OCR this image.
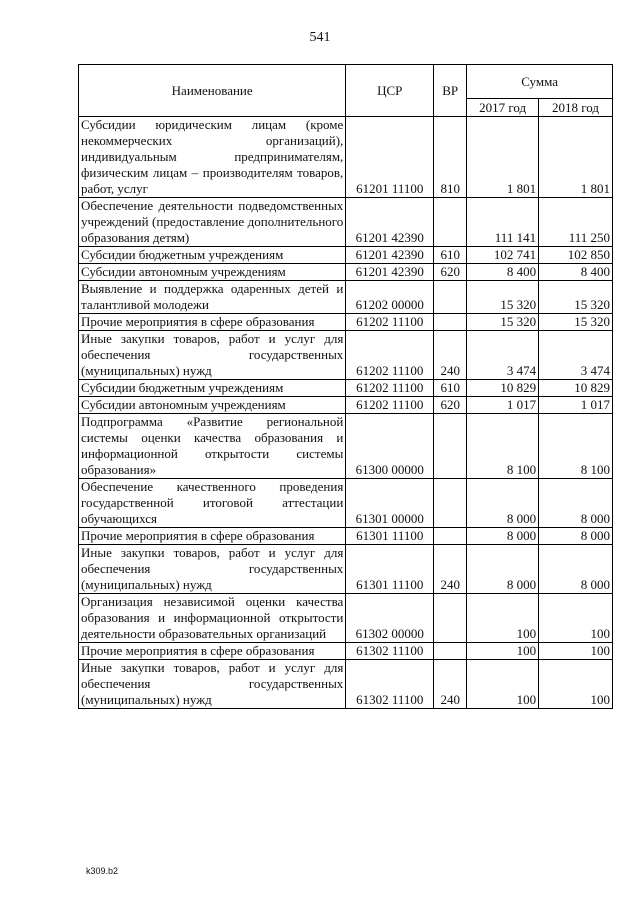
541
Наименование	ЦСР	ВР	Сумма	
			2017 год	2018 год
Субсидии юридическим лицам (кроме некоммерческих организаций), индивидуальным предпринимателям, физическим лицам – производителям товаров, работ, услуг	61201 11100	810	1 801	1 801
Обеспечение деятельности подведомственных учреждений (предоставление дополнительного образования детям)	61201 42390		111 141	111 250
Субсидии бюджетным учреждениям	61201 42390	610	102 741	102 850
Субсидии автономным учреждениям	61201 42390	620	8 400	8 400
Выявление и поддержка одаренных детей и талантливой молодежи	61202 00000		15 320	15 320
Прочие мероприятия в сфере образования	61202 11100		15 320	15 320
Иные закупки товаров, работ и услуг для обеспечения государственных (муниципальных) нужд	61202 11100	240	3 474	3 474
Субсидии бюджетным учреждениям	61202 11100	610	10 829	10 829
Субсидии автономным учреждениям	61202 11100	620	1 017	1 017
Подпрограмма «Развитие региональной системы оценки качества образования и информационной открытости системы образования»	61300 00000		8 100	8 100
Обеспечение качественного проведения государственной итоговой аттестации обучающихся	61301 00000		8 000	8 000
Прочие мероприятия в сфере образования	61301 11100		8 000	8 000
Иные закупки товаров, работ и услуг для обеспечения государственных (муниципальных) нужд	61301 11100	240	8 000	8 000
Организация независимой оценки качества образования и информационной открытости деятельности образовательных организаций	61302 00000		100	100
Прочие мероприятия в сфере образования	61302 11100		100	100
Иные закупки товаров, работ и услуг для обеспечения государственных (муниципальных) нужд	61302 11100	240	100	100
k309.b2
